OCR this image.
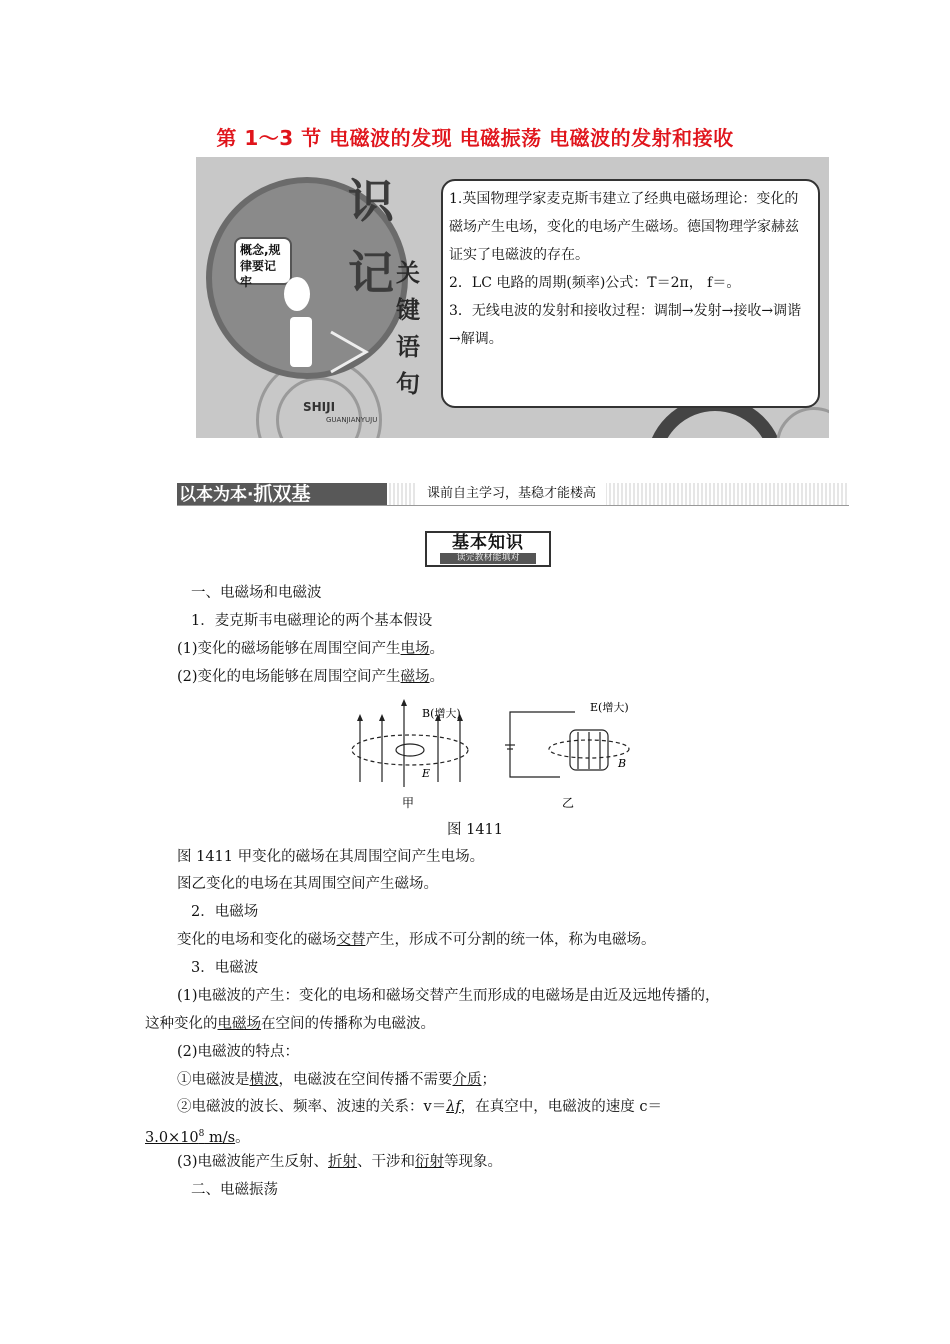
第 1～3 节 电磁波的发现 电磁振荡 电磁波的发射和接收
概念,规律要记牢
SHIJI
GUANJIANYUJU
识
记 关
键
语
句

1.英国物理学家麦克斯韦建立了经典电磁场理论：变化的磁场产生电场，变化的电场产生磁场。德国物理学家赫兹证实了电磁波的存在。

2．LC 电路的周期(频率)公式：T＝2π， f＝。

3．无线电波的发射和接收过程：调制→发射→接收→调谐→解调。

以本为本·抓双基	课前自主学习，基稳才能楼高
基本知识
读完教材能填对
一、电磁场和电磁波
1．麦克斯韦电磁理论的两个基本假设
(1)变化的磁场能够在周围空间产生电场。
(2)变化的电场能够在周围空间产生磁场。
B(增大)
E
E(增大)
B
甲	乙
图 1411
图 1411 甲变化的磁场在其周围空间产生电场。
图乙变化的电场在其周围空间产生磁场。
2．电磁场
变化的电场和变化的磁场交替产生，形成不可分割的统一体，称为电磁场。
3．电磁波
(1)电磁波的产生：变化的电场和磁场交替产生而形成的电磁场是由近及远地传播的，
这种变化的电磁场在空间的传播称为电磁波。
(2)电磁波的特点：
①电磁波是横波，电磁波在空间传播不需要介质；
②电磁波的波长、频率、波速的关系：v＝λf，在真空中，电磁波的速度 c＝
$3.0\times 10^8$ m/s。
(3)电磁波能产生反射、折射、干涉和衍射等现象。
二、电磁振荡
